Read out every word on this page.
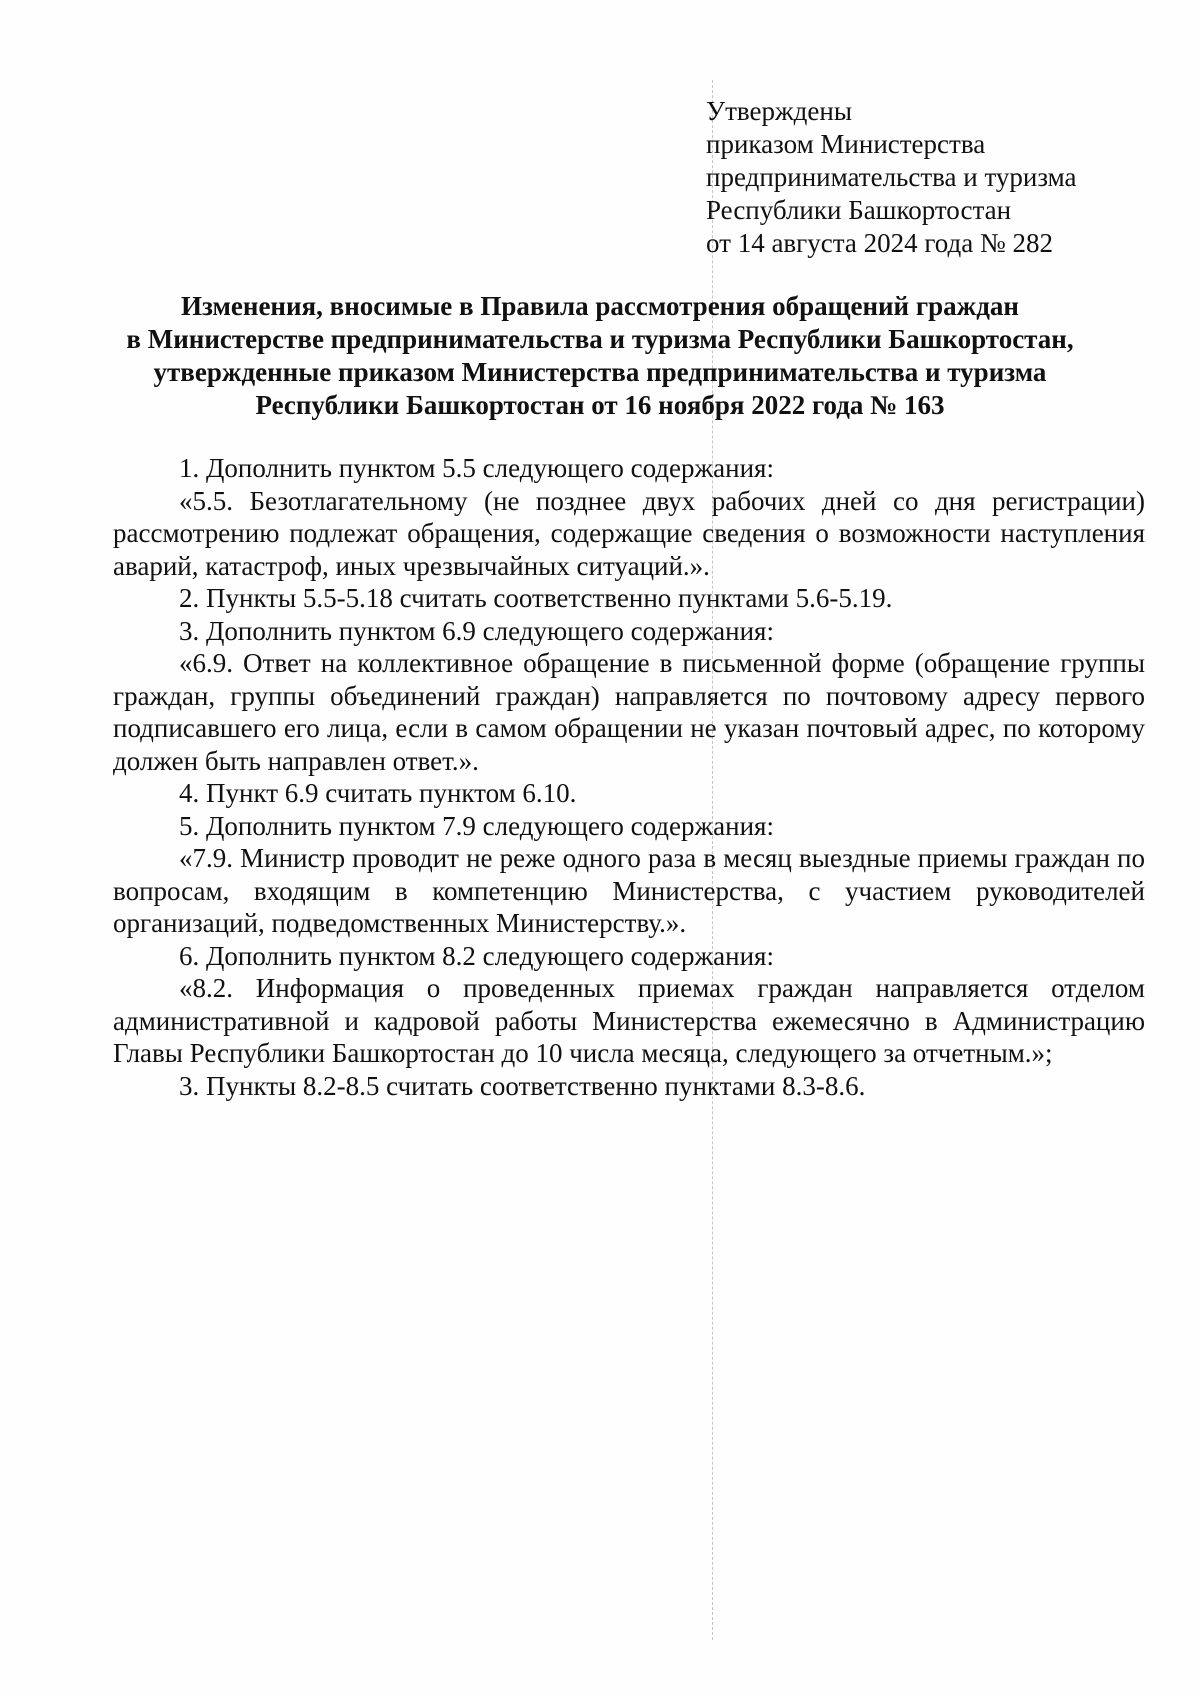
Утверждены
приказом Министерства
предпринимательства и туризма
Республики Башкортостан
от 14 августа 2024 года № 282
Изменения, вносимые в Правила рассмотрения обращений граждан
в Министерстве предпринимательства и туризма Республики Башкортостан,
утвержденные приказом Министерства предпринимательства и туризма
Республики Башкортостан от 16 ноября 2022 года № 163

1. Дополнить пунктом 5.5 следующего содержания:

«5.5. Безотлагательному (не позднее двух рабочих дней со дня регистрации) рассмотрению подлежат обращения, содержащие сведения о возможности наступления аварий, катастроф, иных чрезвычайных ситуаций.».

2. Пункты 5.5-5.18 считать соответственно пунктами 5.6-5.19.

3. Дополнить пунктом 6.9 следующего содержания:

«6.9. Ответ на коллективное обращение в письменной форме (обращение группы граждан, группы объединений граждан) направляется по почтовому адресу первого подписавшего его лица, если в самом обращении не указан почтовый адрес, по которому должен быть направлен ответ.».

4. Пункт 6.9 считать пунктом 6.10.

5. Дополнить пунктом 7.9 следующего содержания:

«7.9. Министр проводит не реже одного раза в месяц выездные приемы граждан по вопросам, входящим в компетенцию Министерства, с участием руководителей организаций, подведомственных Министерству.».

6. Дополнить пунктом 8.2 следующего содержания:

«8.2. Информация о проведенных приемах граждан направляется отделом административной и кадровой работы Министерства ежемесячно в Администрацию Главы Республики Башкортостан до 10 числа месяца, следующего за отчетным.»;

3. Пункты 8.2-8.5 считать соответственно пунктами 8.3-8.6.
